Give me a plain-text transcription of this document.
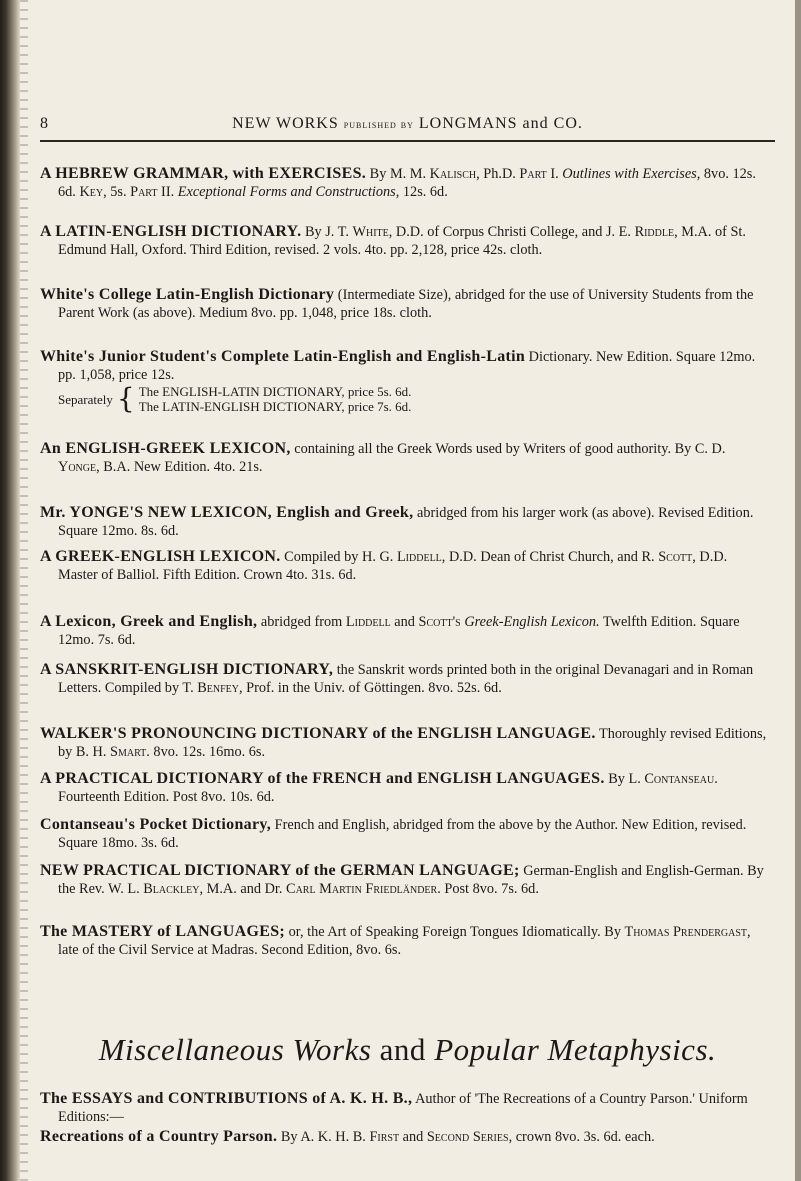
8	NEW WORKS published by LONGMANS and CO.

A HEBREW GRAMMAR, with EXERCISES. By M. M. Kalisch, Ph.D. Part I. Outlines with Exercises, 8vo. 12s. 6d. Key, 5s. Part II. Exceptional Forms and Constructions, 12s. 6d.

A LATIN-ENGLISH DICTIONARY. By J. T. White, D.D. of Corpus Christi College, and J. E. Riddle, M.A. of St. Edmund Hall, Oxford. Third Edition, revised. 2 vols. 4to. pp. 2,128, price 42s. cloth.

White's College Latin-English Dictionary (Intermediate Size), abridged for the use of University Students from the Parent Work (as above). Medium 8vo. pp. 1,048, price 18s. cloth.

White's Junior Student's Complete Latin-English and English-Latin Dictionary. New Edition. Square 12mo. pp. 1,058, price 12s.

Separately { The ENGLISH-LATIN DICTIONARY, price 5s. 6d.
The LATIN-ENGLISH DICTIONARY, price 7s. 6d.

An ENGLISH-GREEK LEXICON, containing all the Greek Words used by Writers of good authority. By C. D. Yonge, B.A. New Edition. 4to. 21s.

Mr. YONGE'S NEW LEXICON, English and Greek, abridged from his larger work (as above). Revised Edition. Square 12mo. 8s. 6d.

A GREEK-ENGLISH LEXICON. Compiled by H. G. Liddell, D.D. Dean of Christ Church, and R. Scott, D.D. Master of Balliol. Fifth Edition. Crown 4to. 31s. 6d.

A Lexicon, Greek and English, abridged from Liddell and Scott's Greek-English Lexicon. Twelfth Edition. Square 12mo. 7s. 6d.

A SANSKRIT-ENGLISH DICTIONARY, the Sanskrit words printed both in the original Devanagari and in Roman Letters. Compiled by T. Benfey, Prof. in the Univ. of Göttingen. 8vo. 52s. 6d.

WALKER'S PRONOUNCING DICTIONARY of the ENGLISH LANGUAGE. Thoroughly revised Editions, by B. H. Smart. 8vo. 12s. 16mo. 6s.

A PRACTICAL DICTIONARY of the FRENCH and ENGLISH LANGUAGES. By L. Contanseau. Fourteenth Edition. Post 8vo. 10s. 6d.

Contanseau's Pocket Dictionary, French and English, abridged from the above by the Author. New Edition, revised. Square 18mo. 3s. 6d.

NEW PRACTICAL DICTIONARY of the GERMAN LANGUAGE; German-English and English-German. By the Rev. W. L. Blackley, M.A. and Dr. Carl Martin Friedländer. Post 8vo. 7s. 6d.

The MASTERY of LANGUAGES; or, the Art of Speaking Foreign Tongues Idiomatically. By Thomas Prendergast, late of the Civil Service at Madras. Second Edition, 8vo. 6s.

Miscellaneous Works and Popular Metaphysics.

The ESSAYS and CONTRIBUTIONS of A. K. H. B., Author of 'The Recreations of a Country Parson.' Uniform Editions:—

Recreations of a Country Parson. By A. K. H. B. First and Second Series, crown 8vo. 3s. 6d. each.
